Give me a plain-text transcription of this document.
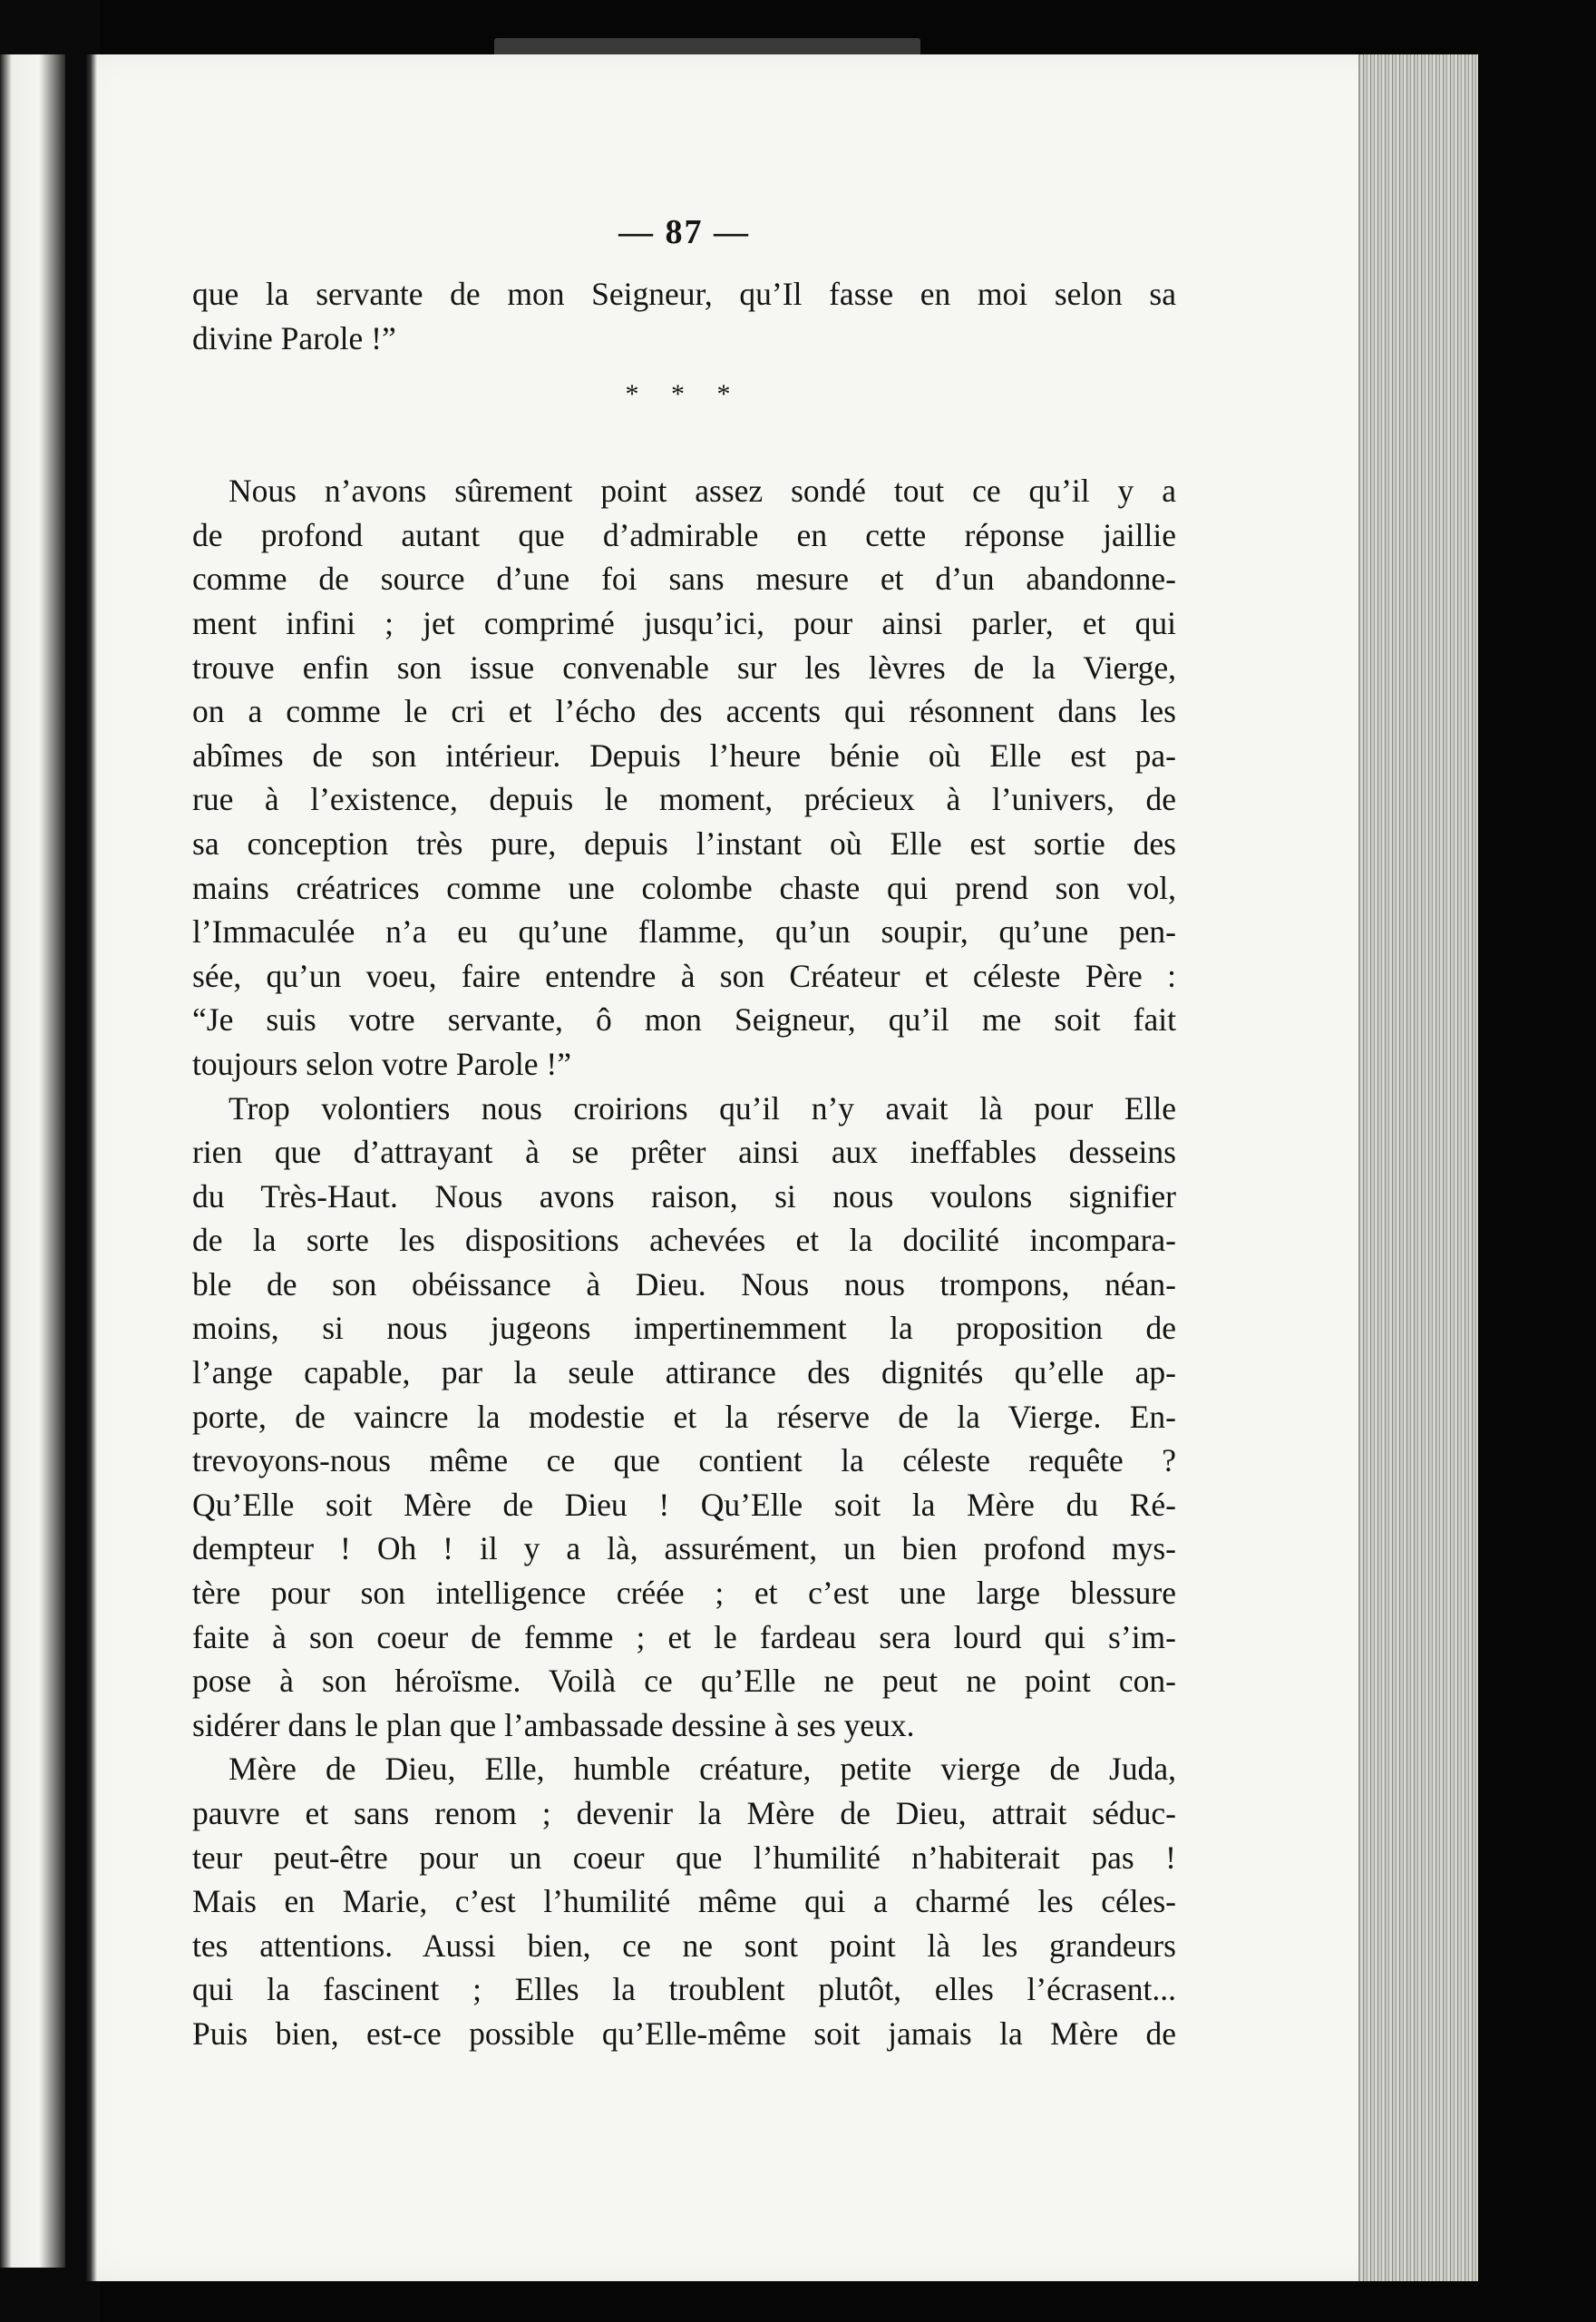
— 87 —
que la servante de mon Seigneur, qu’Il fasse en moi selon sa
divine Parole !”
* * *
Nous n’avons sûrement point assez sondé tout ce qu’il y a
de profond autant que d’admirable en cette réponse jaillie
comme de source d’une foi sans mesure et d’un abandonne-
ment infini ; jet comprimé jusqu’ici, pour ainsi parler, et qui
trouve enfin son issue convenable sur les lèvres de la Vierge,
on a comme le cri et l’écho des accents qui résonnent dans les
abîmes de son intérieur. Depuis l’heure bénie où Elle est pa-
rue à l’existence, depuis le moment, précieux à l’univers, de
sa conception très pure, depuis l’instant où Elle est sortie des
mains créatrices comme une colombe chaste qui prend son vol,
l’Immaculée n’a eu qu’une flamme, qu’un soupir, qu’une pen-
sée, qu’un voeu, faire entendre à son Créateur et céleste Père :
“Je suis votre servante, ô mon Seigneur, qu’il me soit fait
toujours selon votre Parole !”
Trop volontiers nous croirions qu’il n’y avait là pour Elle
rien que d’attrayant à se prêter ainsi aux ineffables desseins
du Très-Haut. Nous avons raison, si nous voulons signifier
de la sorte les dispositions achevées et la docilité incompara-
ble de son obéissance à Dieu. Nous nous trompons, néan-
moins, si nous jugeons impertinemment la proposition de
l’ange capable, par la seule attirance des dignités qu’elle ap-
porte, de vaincre la modestie et la réserve de la Vierge. En-
trevoyons-nous même ce que contient la céleste requête ?
Qu’Elle soit Mère de Dieu ! Qu’Elle soit la Mère du Ré-
dempteur ! Oh ! il y a là, assurément, un bien profond mys-
tère pour son intelligence créée ; et c’est une large blessure
faite à son coeur de femme ; et le fardeau sera lourd qui s’im-
pose à son héroïsme. Voilà ce qu’Elle ne peut ne point con-
sidérer dans le plan que l’ambassade dessine à ses yeux.
Mère de Dieu, Elle, humble créature, petite vierge de Juda,
pauvre et sans renom ; devenir la Mère de Dieu, attrait séduc-
teur peut-être pour un coeur que l’humilité n’habiterait pas !
Mais en Marie, c’est l’humilité même qui a charmé les céles-
tes attentions. Aussi bien, ce ne sont point là les grandeurs
qui la fascinent ; Elles la troublent plutôt, elles l’écrasent...
Puis bien, est-ce possible qu’Elle-même soit jamais la Mère de
